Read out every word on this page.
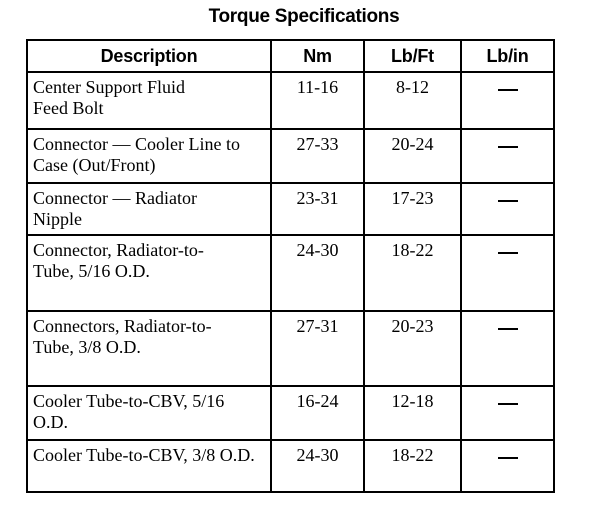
Torque Specifications
Description	Nm	Lb/Ft	Lb/in

Center Support Fluid Feed Bolt	11-16	8-12	

Connector — Cooler Line to Case (Out/Front)	27-33	20-24	

Connector — Radiator Nipple	23-31	17-23	

Connector, Radiator-to-Tube, 5/16 O.D.	24-30	18-22	

Connectors, Radiator-to-Tube, 3/8 O.D.	27-31	20-23	

Cooler Tube-to-CBV, 5/16 O.D.	16-24	12-18	

Cooler Tube-to-CBV, 3/8 O.D.	24-30	18-22	
